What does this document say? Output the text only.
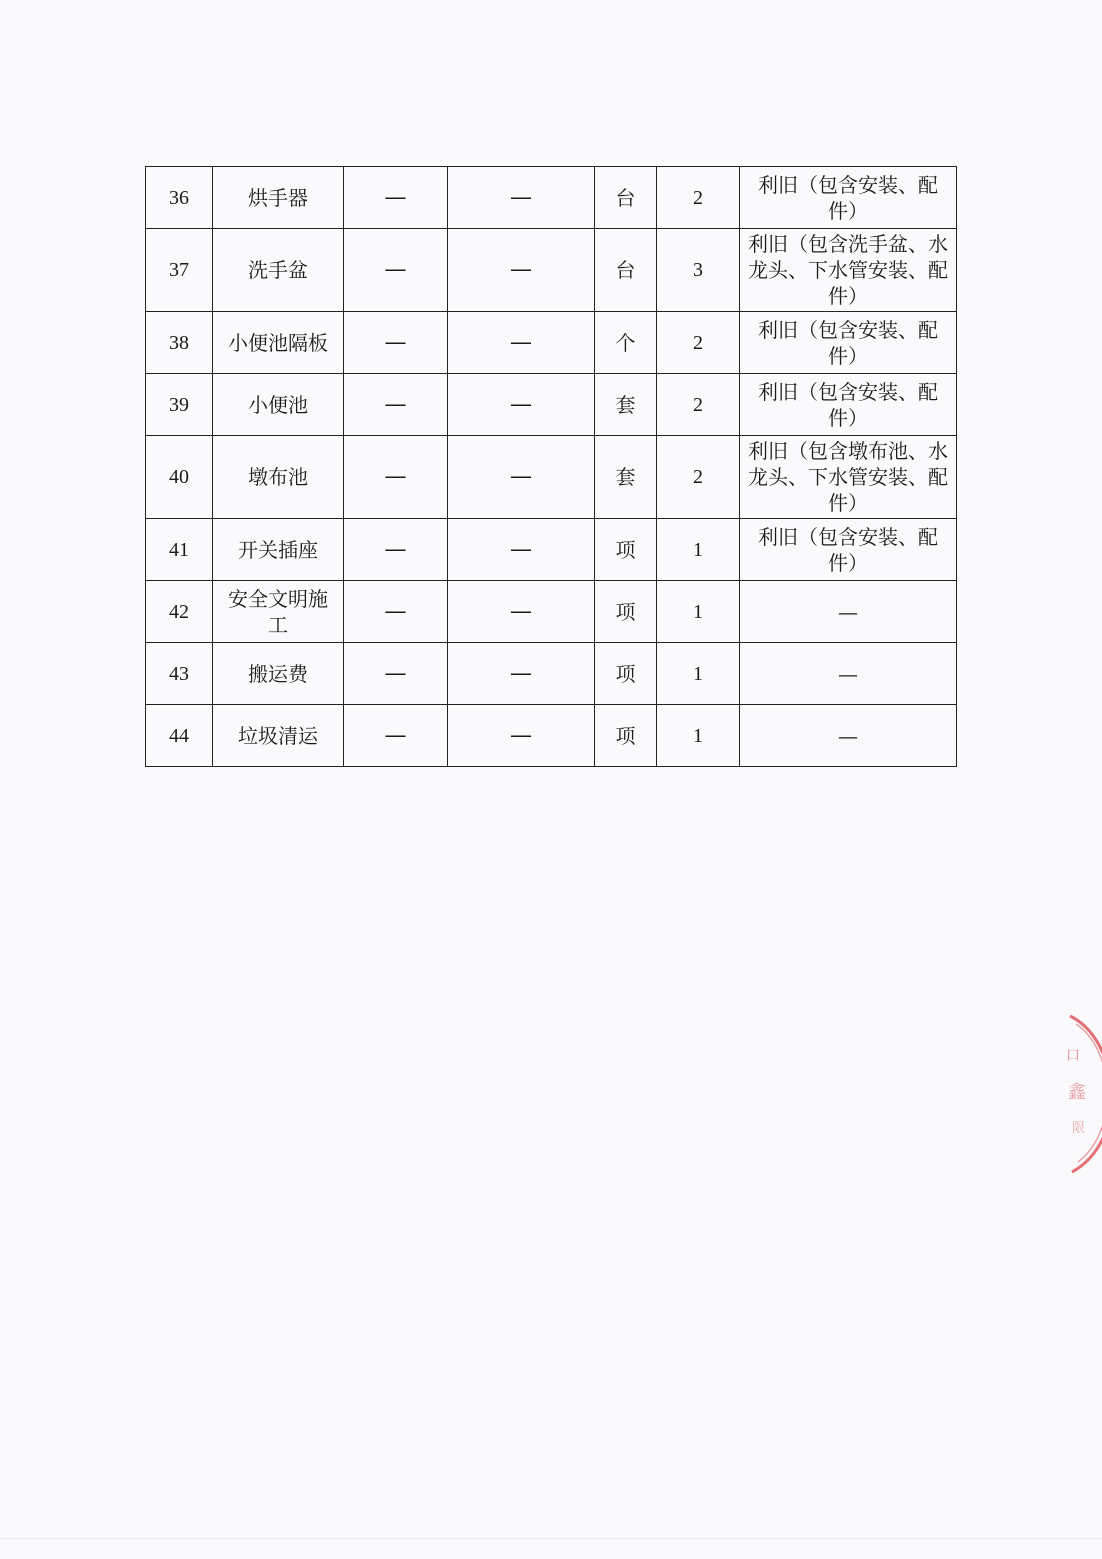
36	烘手器	—	—	台	2	利旧（包含安装、配件）
37	洗手盆	—	—	台	3	利旧（包含洗手盆、水龙头、下水管安装、配件）
38	小便池隔板	—	—	个	2	利旧（包含安装、配件）
39	小便池	—	—	套	2	利旧（包含安装、配件）
40	墩布池	—	—	套	2	利旧（包含墩布池、水龙头、下水管安装、配件）
41	开关插座	—	—	项	1	利旧（包含安装、配件）
42	安全文明施工	—	—	项	1	—
43	搬运费	—	—	项	1	—
44	垃圾清运	—	—	项	1	—
口
鑫
限
